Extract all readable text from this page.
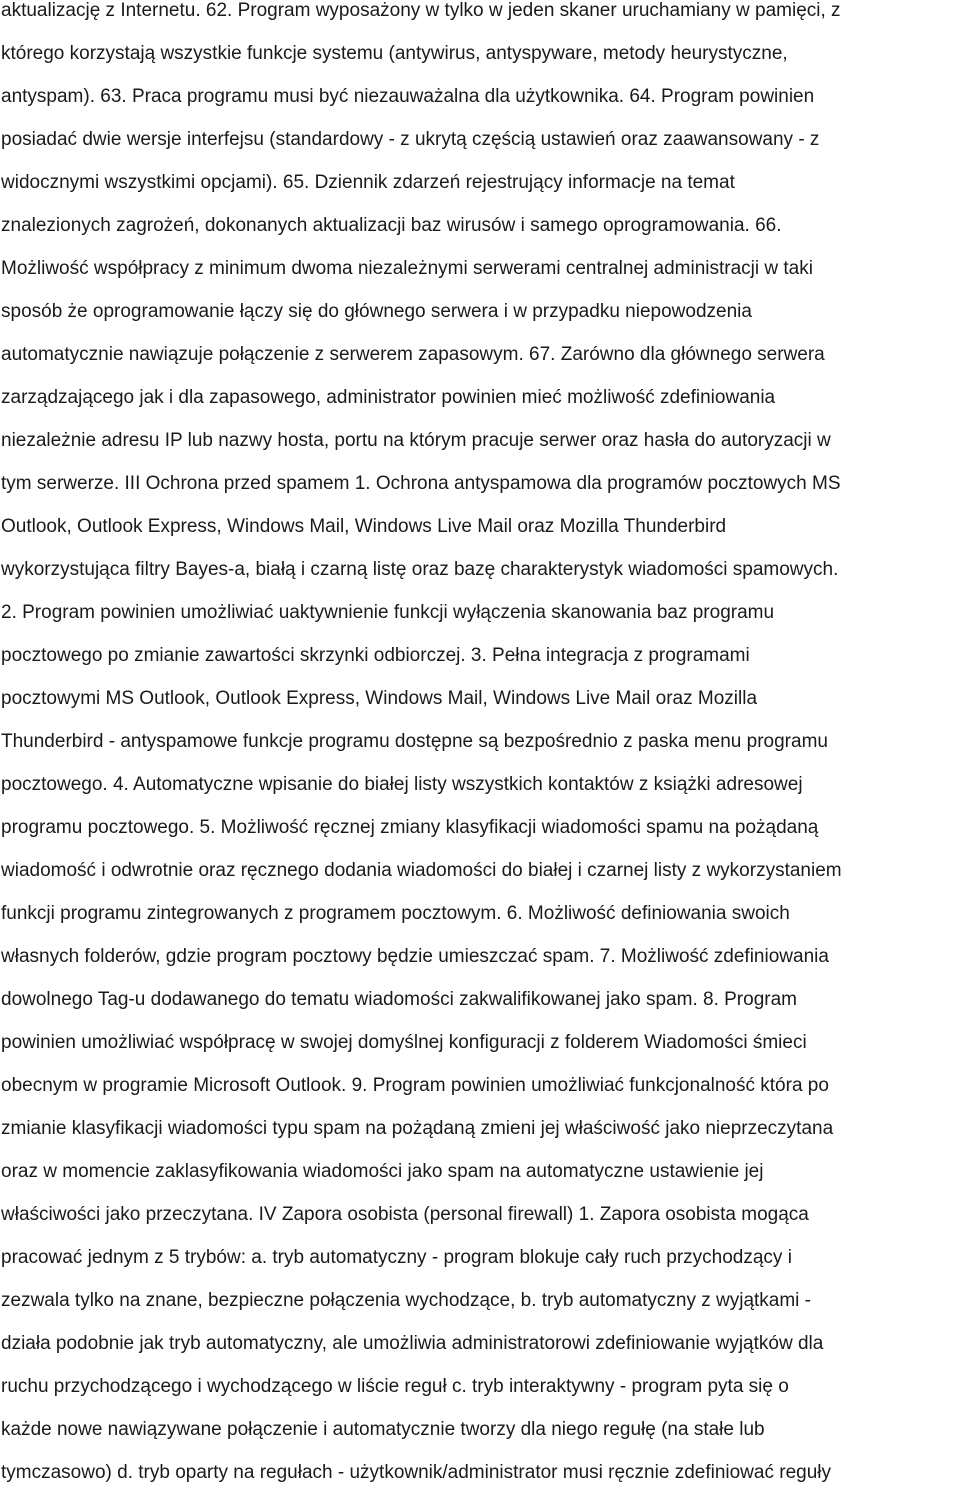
aktualizację z Internetu. 62. Program wyposażony w tylko w jeden skaner uruchamiany w pamięci, z

którego korzystają wszystkie funkcje systemu (antywirus, antyspyware, metody heurystyczne,

antyspam). 63. Praca programu musi być niezauważalna dla użytkownika. 64. Program powinien

posiadać dwie wersje interfejsu (standardowy - z ukrytą częścią ustawień oraz zaawansowany - z

widocznymi wszystkimi opcjami). 65. Dziennik zdarzeń rejestrujący informacje na temat

znalezionych zagrożeń, dokonanych aktualizacji baz wirusów i samego oprogramowania. 66.

Możliwość współpracy z minimum dwoma niezależnymi serwerami centralnej administracji w taki

sposób że oprogramowanie łączy się do głównego serwera i w przypadku niepowodzenia

automatycznie nawiązuje połączenie z serwerem zapasowym. 67. Zarówno dla głównego serwera

zarządzającego jak i dla zapasowego, administrator powinien mieć możliwość zdefiniowania

niezależnie adresu IP lub nazwy hosta, portu na którym pracuje serwer oraz hasła do autoryzacji w

tym serwerze. III Ochrona przed spamem 1. Ochrona antyspamowa dla programów pocztowych MS

Outlook, Outlook Express, Windows Mail, Windows Live Mail oraz Mozilla Thunderbird

wykorzystująca filtry Bayes-a, białą i czarną listę oraz bazę charakterystyk wiadomości spamowych.

2. Program powinien umożliwiać uaktywnienie funkcji wyłączenia skanowania baz programu

pocztowego po zmianie zawartości skrzynki odbiorczej. 3. Pełna integracja z programami

pocztowymi MS Outlook, Outlook Express, Windows Mail, Windows Live Mail oraz Mozilla

Thunderbird - antyspamowe funkcje programu dostępne są bezpośrednio z paska menu programu

pocztowego. 4. Automatyczne wpisanie do białej listy wszystkich kontaktów z książki adresowej

programu pocztowego. 5. Możliwość ręcznej zmiany klasyfikacji wiadomości spamu na pożądaną

wiadomość i odwrotnie oraz ręcznego dodania wiadomości do białej i czarnej listy z wykorzystaniem

funkcji programu zintegrowanych z programem pocztowym. 6. Możliwość definiowania swoich

własnych folderów, gdzie program pocztowy będzie umieszczać spam. 7. Możliwość zdefiniowania

dowolnego Tag-u dodawanego do tematu wiadomości zakwalifikowanej jako spam. 8. Program

powinien umożliwiać współpracę w swojej domyślnej konfiguracji z folderem Wiadomości śmieci

obecnym w programie Microsoft Outlook. 9. Program powinien umożliwiać funkcjonalność która po

zmianie klasyfikacji wiadomości typu spam na pożądaną zmieni jej właściwość jako nieprzeczytana

oraz w momencie zaklasyfikowania wiadomości jako spam na automatyczne ustawienie jej

właściwości jako przeczytana. IV Zapora osobista (personal firewall) 1. Zapora osobista mogąca

pracować jednym z 5 trybów: a. tryb automatyczny - program blokuje cały ruch przychodzący i

zezwala tylko na znane, bezpieczne połączenia wychodzące, b. tryb automatyczny z wyjątkami -

działa podobnie jak tryb automatyczny, ale umożliwia administratorowi zdefiniowanie wyjątków dla

ruchu przychodzącego i wychodzącego w liście reguł c. tryb interaktywny - program pyta się o

każde nowe nawiązywane połączenie i automatycznie tworzy dla niego regułę (na stałe lub

tymczasowo) d. tryb oparty na regułach - użytkownik/administrator musi ręcznie zdefiniować reguły
